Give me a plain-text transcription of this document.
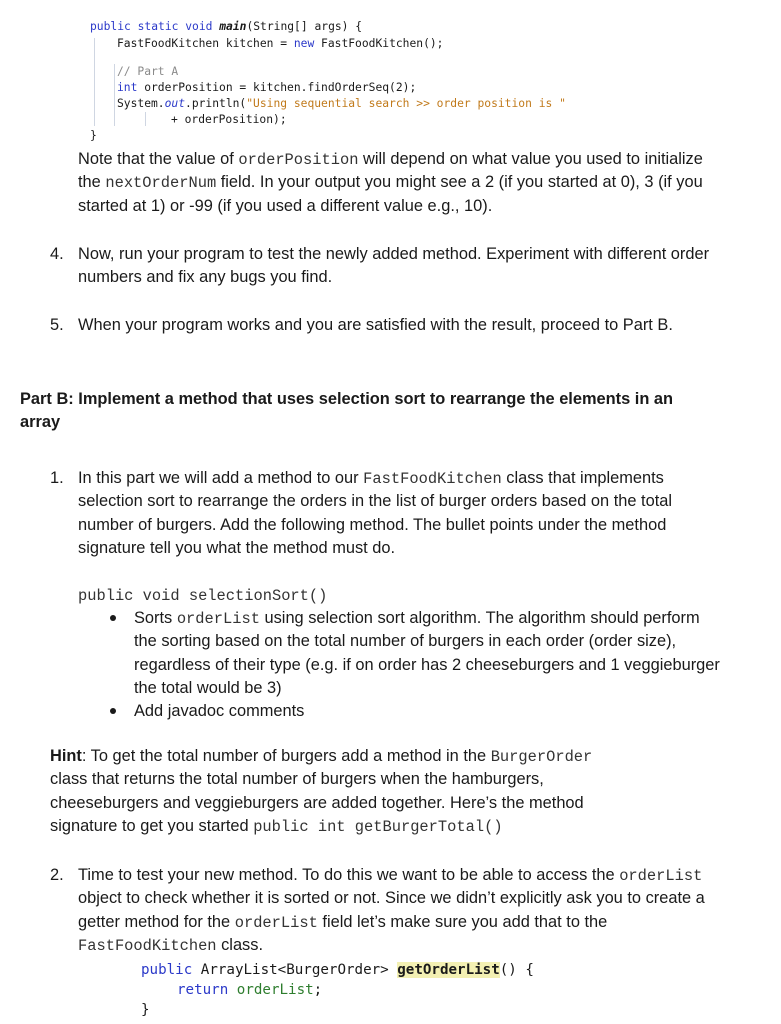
public static void main(String[] args) {
FastFoodKitchen kitchen = new FastFoodKitchen();
// Part A
int orderPosition = kitchen.findOrderSeq(2);
System.out.println("Using sequential search >> order position is "
+ orderPosition);
}
Note that the value of orderPosition will depend on what value you used to initialize
the nextOrderNum field. In your output you might see a 2 (if you started at 0), 3 (if you
started at 1) or -99 (if you used a different value e.g., 10).
4. Now, run your program to test the newly added method. Experiment with different order
numbers and fix any bugs you find.
5. When your program works and you are satisfied with the result, proceed to Part B.
Part B: Implement a method that uses selection sort to rearrange the elements in an
array
1. In this part we will add a method to our FastFoodKitchen class that implements
selection sort to rearrange the orders in the list of burger orders based on the total
number of burgers. Add the following method. The bullet points under the method
signature tell you what the method must do.
public void selectionSort()
Sorts orderList using selection sort algorithm. The algorithm should perform
the sorting based on the total number of burgers in each order (order size),
regardless of their type (e.g. if on order has 2 cheeseburgers and 1 veggieburger
the total would be 3)
Add javadoc comments
Hint: To get the total number of burgers add a method in the BurgerOrder
class that returns the total number of burgers when the hamburgers,
cheeseburgers and veggieburgers are added together. Here’s the method
signature to get you started public int getBurgerTotal()
2. Time to test your new method. To do this we want to be able to access the orderList
object to check whether it is sorted or not. Since we didn’t explicitly ask you to create a
getter method for the orderList field let’s make sure you add that to the
FastFoodKitchen class.
public ArrayList<BurgerOrder> getOrderList() {
return orderList;
}
